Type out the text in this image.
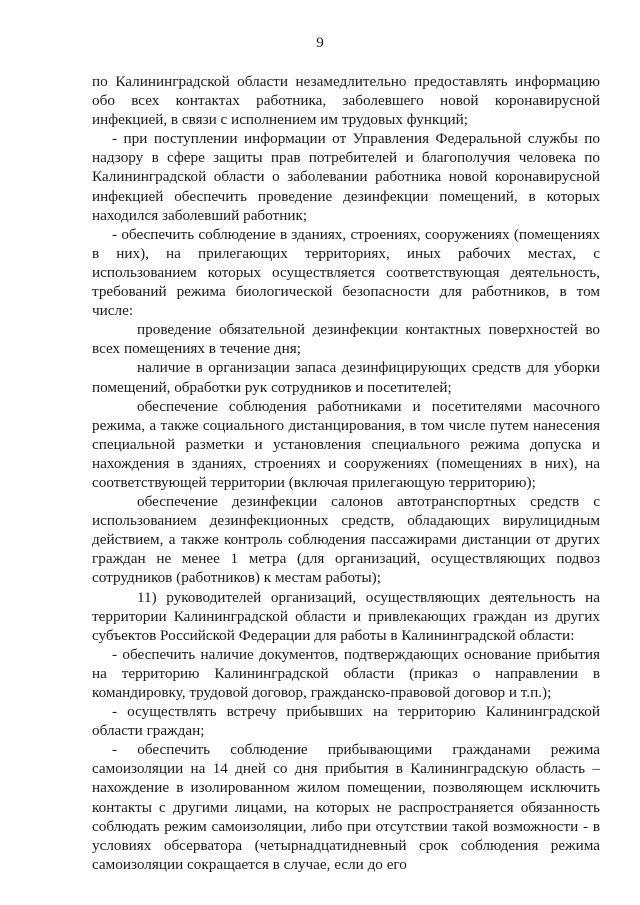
9

по Калининградской области незамедлительно предоставлять информацию обо всех контактах работника, заболевшего новой коронавирусной инфекцией, в связи с исполнением им трудовых функций;

- при поступлении информации от Управления Федеральной службы по надзору в сфере защиты прав потребителей и благополучия человека по Калининградской области о заболевании работника новой коронавирусной инфекцией обеспечить проведение дезинфекции помещений, в которых находился заболевший работник;

- обеспечить соблюдение в зданиях, строениях, сооружениях (помещениях в них), на прилегающих территориях, иных рабочих местах, с использованием которых осуществляется соответствующая деятельность, требований режима биологической безопасности для работников, в том числе:

проведение обязательной дезинфекции контактных поверхностей во всех помещениях в течение дня;

наличие в организации запаса дезинфицирующих средств для уборки помещений, обработки рук сотрудников и посетителей;

обеспечение соблюдения работниками и посетителями масочного режима, а также социального дистанцирования, в том числе путем нанесения специальной разметки и установления специального режима допуска и нахождения в зданиях, строениях и сооружениях (помещениях в них), на соответствующей территории (включая прилегающую территорию);

обеспечение дезинфекции салонов автотранспортных средств с использованием дезинфекционных средств, обладающих вирулицидным действием, а также контроль соблюдения пассажирами дистанции от других граждан не менее 1 метра (для организаций, осуществляющих подвоз сотрудников (работников) к местам работы);

11) руководителей организаций, осуществляющих деятельность на территории Калининградской области и привлекающих граждан из других субъектов Российской Федерации для работы в Калининградской области:

- обеспечить наличие документов, подтверждающих основание прибытия на территорию Калининградской области (приказ о направлении в командировку, трудовой договор, гражданско-правовой договор и т.п.);

- осуществлять встречу прибывших на территорию Калининградской области граждан;

- обеспечить соблюдение прибывающими гражданами режима самоизоляции на 14 дней со дня прибытия в Калининградскую область – нахождение в изолированном жилом помещении, позволяющем исключить контакты с другими лицами, на которых не распространяется обязанность соблюдать режим самоизоляции, либо при отсутствии такой возможности - в условиях обсерватора (четырнадцатидневный срок соблюдения режима самоизоляции сокращается в случае, если до его
